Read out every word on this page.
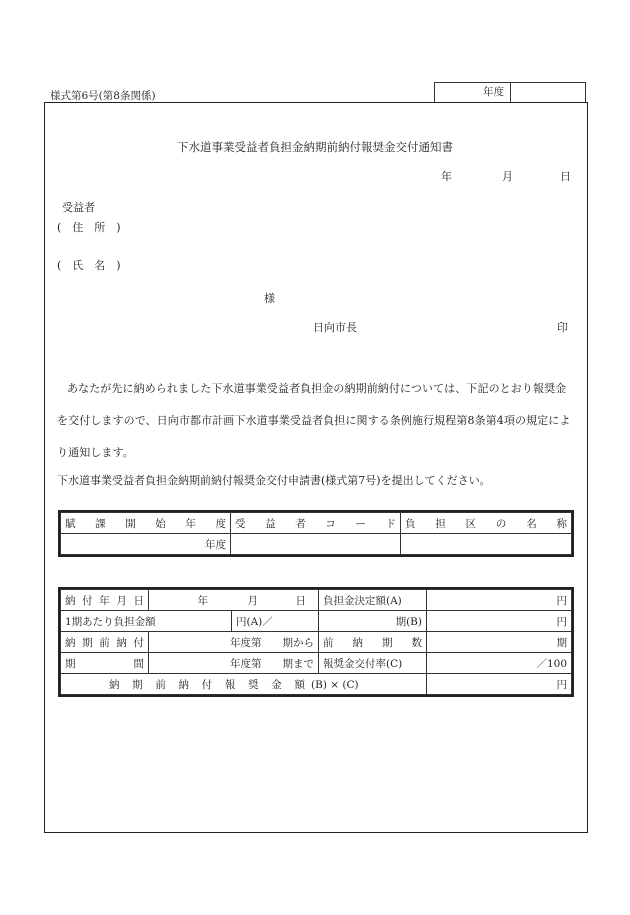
様式第6号(第8条関係)	年度
下水道事業受益者負担金納期前納付報奨金交付通知書
年	月	日
受益者
(　住　所　)
(　氏　名　)
様
日向市長	印
あなたが先に納められました下水道事業受益者負担金の納期前納付については、下記のとおり報奨金を交付しますので、日向市都市計画下水道事業受益者負担に関する条例施行規程第8条第4項の規定により通知します。
下水道事業受益者負担金納期前納付報奨金交付申請書(様式第7号)を提出してください。
賦課開始年度	受益者コード	負担区の名称
年度		
納付年月日	年 月 日		負担金決定額(A)	円
1期あたり負担金額		円(A)／	期(B)	円
納期前納付	年度第　　期から		前納期数	期
期間	年度第　　期まで		報奨金交付率(C)	／100
納期前納付報奨金額 (B) × (C)				円
